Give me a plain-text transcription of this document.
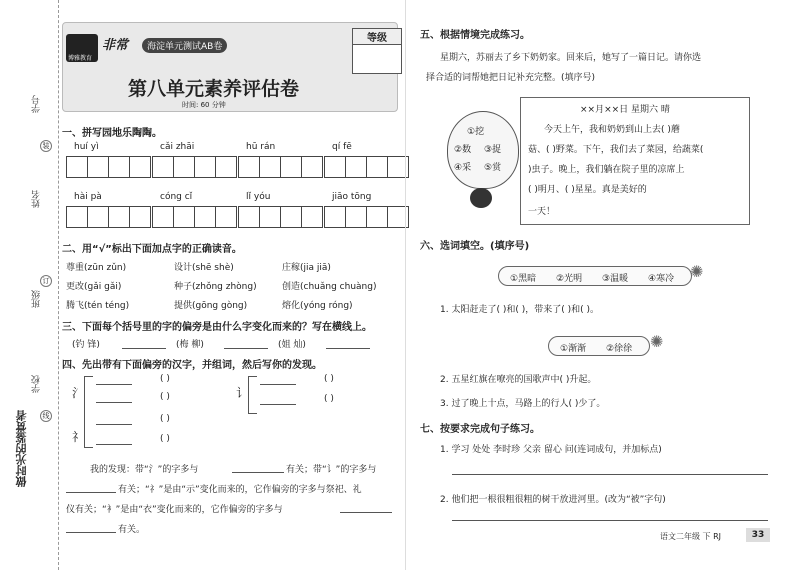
学号
姓名
班级
学校
装
订
线
做时光的鉴赏者
博雅教育
非常	海淀单元测试AB卷
第八单元素养评估卷
时间: 60 分钟
等级
一、拼写园地乐陶陶。
huí yì	cǎi zhāi	hū rán	qí fē
hài pà	cóng cǐ	lǐ yóu	jiāo tōng
二、用“√”标出下面加点字的正确读音。
尊重(zūn zǔn)	设计(shē shè)	庄稼(jia jiā)
更改(gǎi gǎi)	种子(zhǒng zhòng)	创造(chuǎng chuàng)
腾飞(tén téng)	提供(gōng gòng)	熔化(yóng róng)
三、下面每个括号里的字的偏旁是由什么字变化而来的？写在横线上。
(钓 锋)	(梅 柳)	(姐 灿)
四、先出带有下面偏旁的汉字，并组词，然后写你的发现。
氵
礻
讠
( )
( )
( )
( )
( )
( )
我的发现：带“氵”的字多与	有关；带“讠”的字多与
有关；“礻”是由“示”变化而来的，它作偏旁的字多与祭祀、礼
仪有关；“衤”是由“衣”变化而来的，它作偏旁的字多与
有关。
五、根据情境完成练习。
星期六，苏丽去了乡下奶奶家。回来后，她写了一篇日记。请你选
择合适的词帮她把日记补充完整。(填序号)
①挖
②数 ③捉
④采 ⑤赏
××月××日 星期六 晴
今天上午，我和奶奶到山上去( )蘑
菇、( )野菜。下午，我们去了菜园，给蔬菜(
)虫子。晚上，我们躺在院子里的凉席上
( )明月、( )星星。真是美好的
一天！
六、选词填空。(填序号)
①黑暗 ②光明 ③温暖 ④寒冷 ✺
1. 太阳赶走了( )和( )，带来了( )和( )。
①渐渐 ②徐徐 ✺
2. 五星红旗在嘹亮的国歌声中( )升起。
3. 过了晚上十点，马路上的行人( )少了。
七、按要求完成句子练习。
1. 学习 处处 李时珍 父亲 留心 问(连词成句，并加标点)
2. 他们把一根很粗很粗的树干放进河里。(改为“被”字句)
语文二年级 下 RJ	33
